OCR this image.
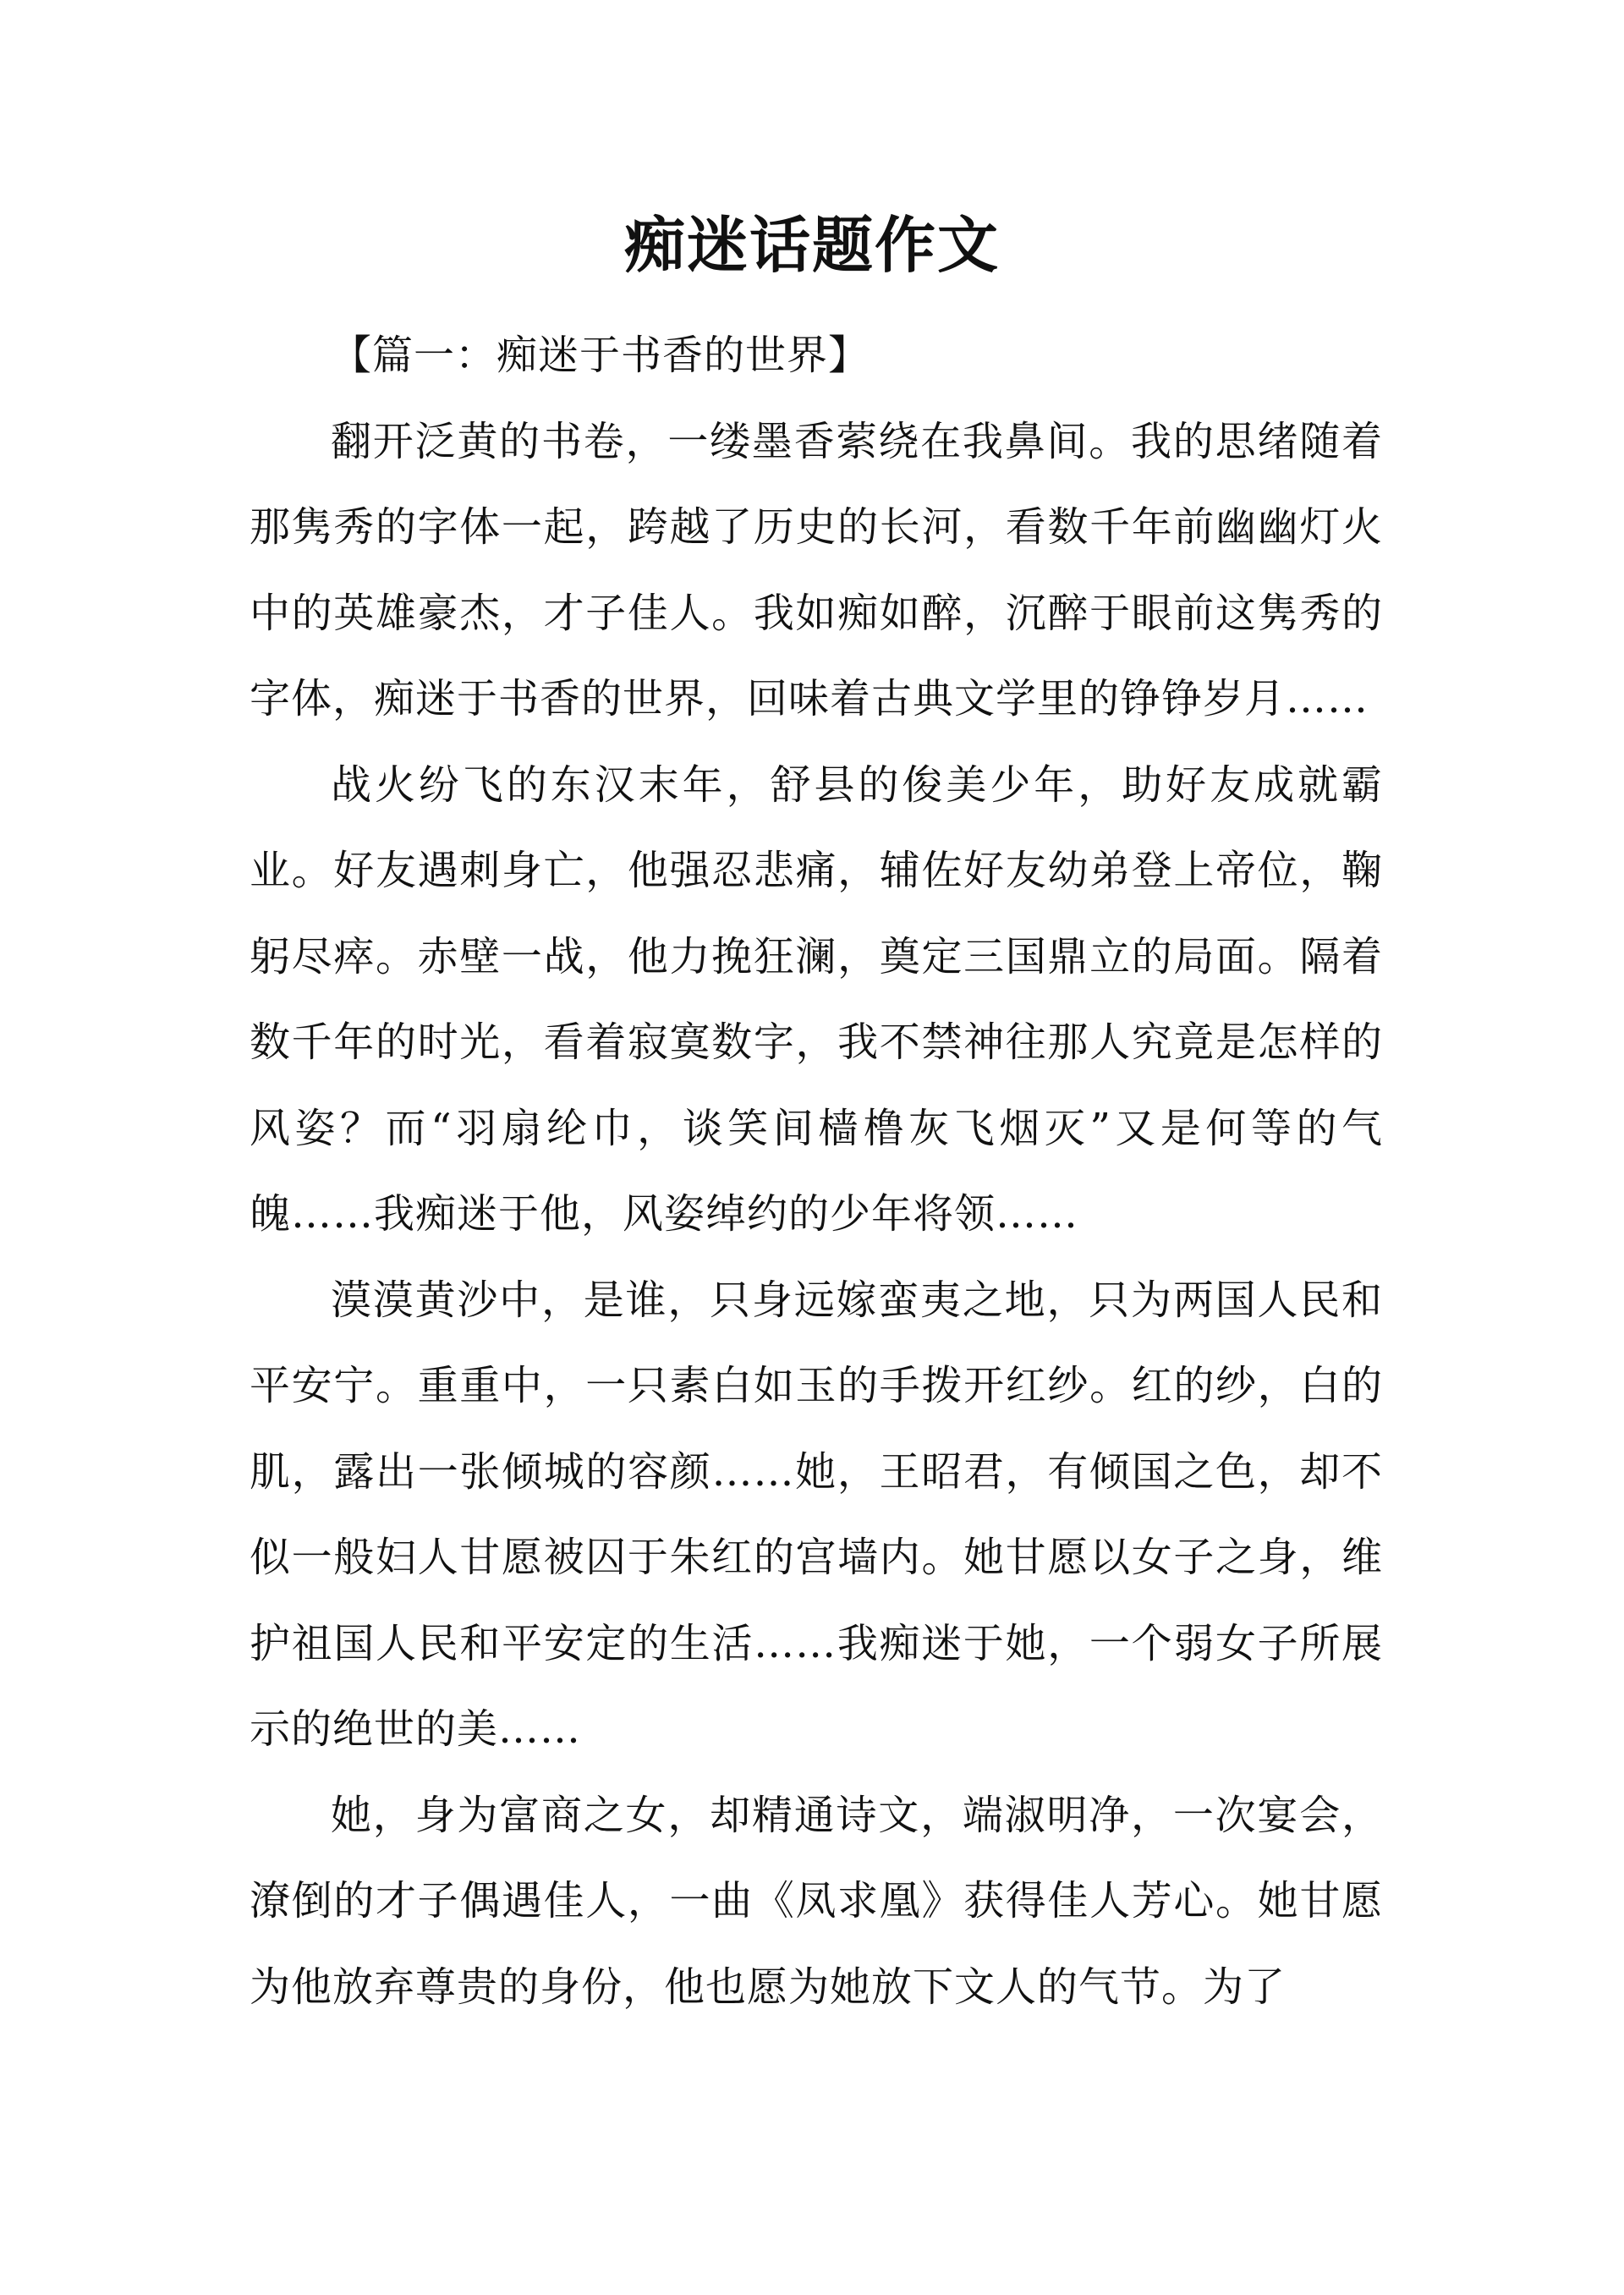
痴迷话题作文

【篇一：痴迷于书香的世界】

翻开泛黄的书卷，一缕墨香萦绕在我鼻间。我的思绪随着那隽秀的字体一起，跨越了历史的长河，看数千年前幽幽灯火中的英雄豪杰，才子佳人。我如痴如醉，沉醉于眼前这隽秀的字体，痴迷于书香的世界，回味着古典文学里的铮铮岁月……

战火纷飞的东汉末年，舒县的俊美少年，助好友成就霸业。好友遇刺身亡，他强忍悲痛，辅佐好友幼弟登上帝位，鞠躬尽瘁。赤壁一战，他力挽狂澜，奠定三国鼎立的局面。隔着数千年的时光，看着寂寞数字，我不禁神往那人究竟是怎样的风姿？而“羽扇纶巾，谈笑间樯橹灰飞烟灭”又是何等的气魄……我痴迷于他，风姿绰约的少年将领……

漠漠黄沙中，是谁，只身远嫁蛮夷之地，只为两国人民和平安宁。重重中，一只素白如玉的手拨开红纱。红的纱，白的肌，露出一张倾城的容颜……她，王昭君，有倾国之色，却不似一般妇人甘愿被囚于朱红的宫墙内。她甘愿以女子之身，维护祖国人民和平安定的生活……我痴迷于她，一个弱女子所展示的绝世的美……

她，身为富商之女，却精通诗文，端淑明净，一次宴会，潦倒的才子偶遇佳人，一曲《凤求凰》获得佳人芳心。她甘愿为他放弃尊贵的身份，他也愿为她放下文人的气节。为了
